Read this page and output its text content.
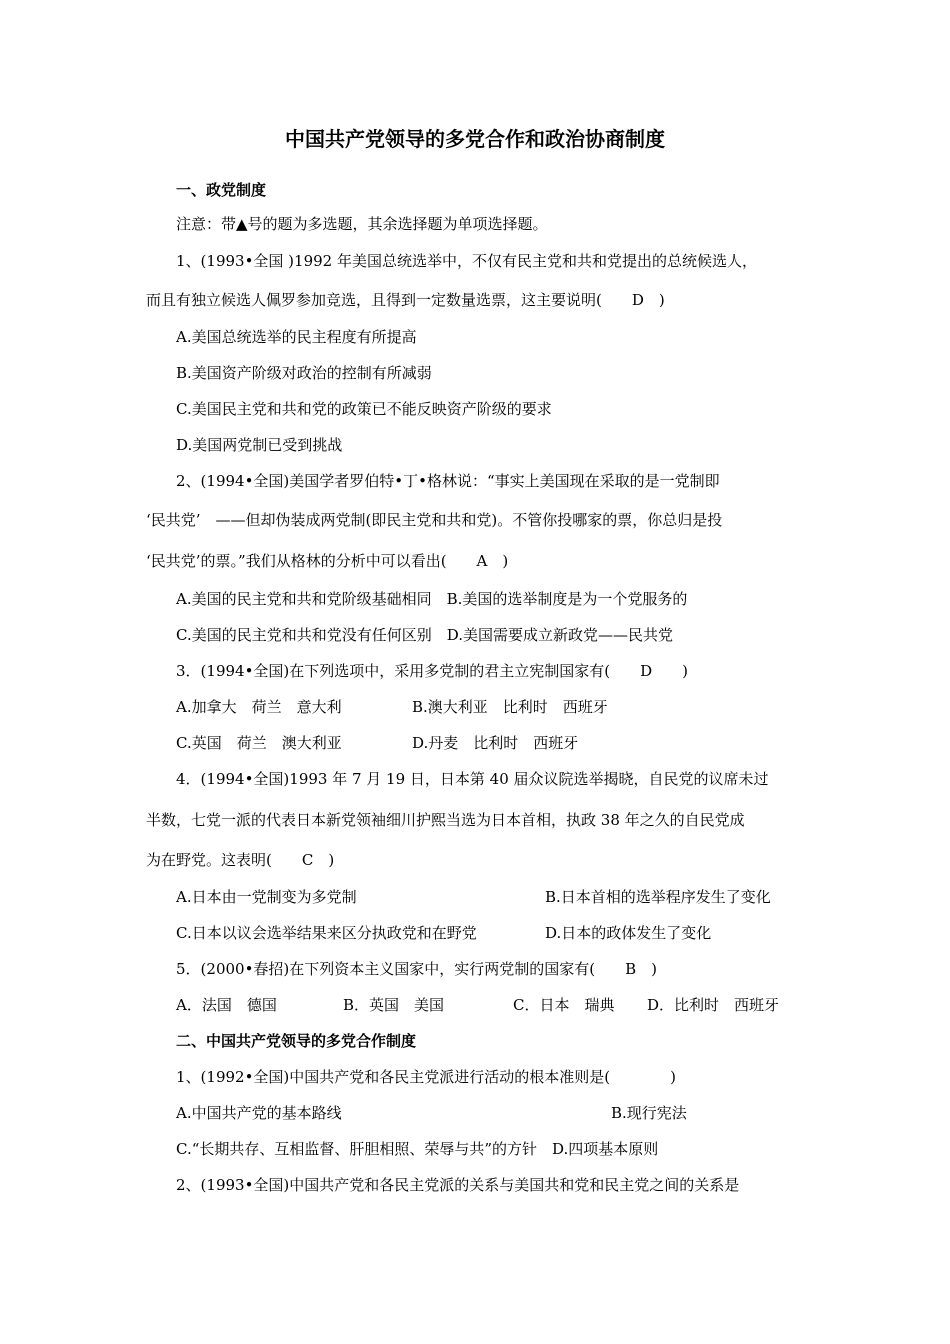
中国共产党领导的多党合作和政治协商制度
一、政党制度
注意：带▲号的题为多选题，其余选择题为单项选择题。
1、(1993•全国 )1992 年美国总统选举中，不仅有民主党和共和党提出的总统候选人，
而且有独立候选人佩罗参加竞选，且得到一定数量选票，这主要说明(　　D　)
A.美国总统选举的民主程度有所提高
B.美国资产阶级对政治的控制有所减弱
C.美国民主党和共和党的政策已不能反映资产阶级的要求
D.美国两党制已受到挑战
2、(1994•全国)美国学者罗伯特•丁•格林说：“事实上美国现在采取的是一党制即
‘民共党’　——但却伪装成两党制(即民主党和共和党)。不管你投哪家的票，你总归是投
‘民共党’的票。”我们从格林的分析中可以看出(　　A　)
A.美国的民主党和共和党阶级基础相同　B.美国的选举制度是为一个党服务的
C.美国的民主党和共和党没有任何区别　D.美国需要成立新政党——民共党
3．(1994•全国)在下列选项中，采用多党制的君主立宪制国家有(　　D　　)
A.加拿大　荷兰　意大利	B.澳大利亚　比利时　西班牙
C.英国　荷兰　澳大利亚	D.丹麦　比利时　西班牙
4．(1994•全国)1993 年 7 月 19 日，日本第 40 届众议院选举揭晓，自民党的议席未过
半数，七党一派的代表日本新党领袖细川护熙当选为日本首相，执政 38 年之久的自民党成
为在野党。这表明(　　C　)
A.日本由一党制变为多党制	B.日本首相的选举程序发生了变化
C.日本以议会选举结果来区分执政党和在野党	D.日本的政体发生了变化
5．(2000•春招)在下列资本主义国家中，实行两党制的国家有(　　B　)
A．法国　德国	B．英国　美国	C．日本　瑞典 D．比利时　西班牙
二、中国共产党领导的多党合作制度
1、(1992•全国)中国共产党和各民主党派进行活动的根本准则是(　　　　)
A.中国共产党的基本路线	B.现行宪法
C.“长期共存、互相监督、肝胆相照、荣辱与共”的方针　D.四项基本原则
2、(1993•全国)中国共产党和各民主党派的关系与美国共和党和民主党之间的关系是
